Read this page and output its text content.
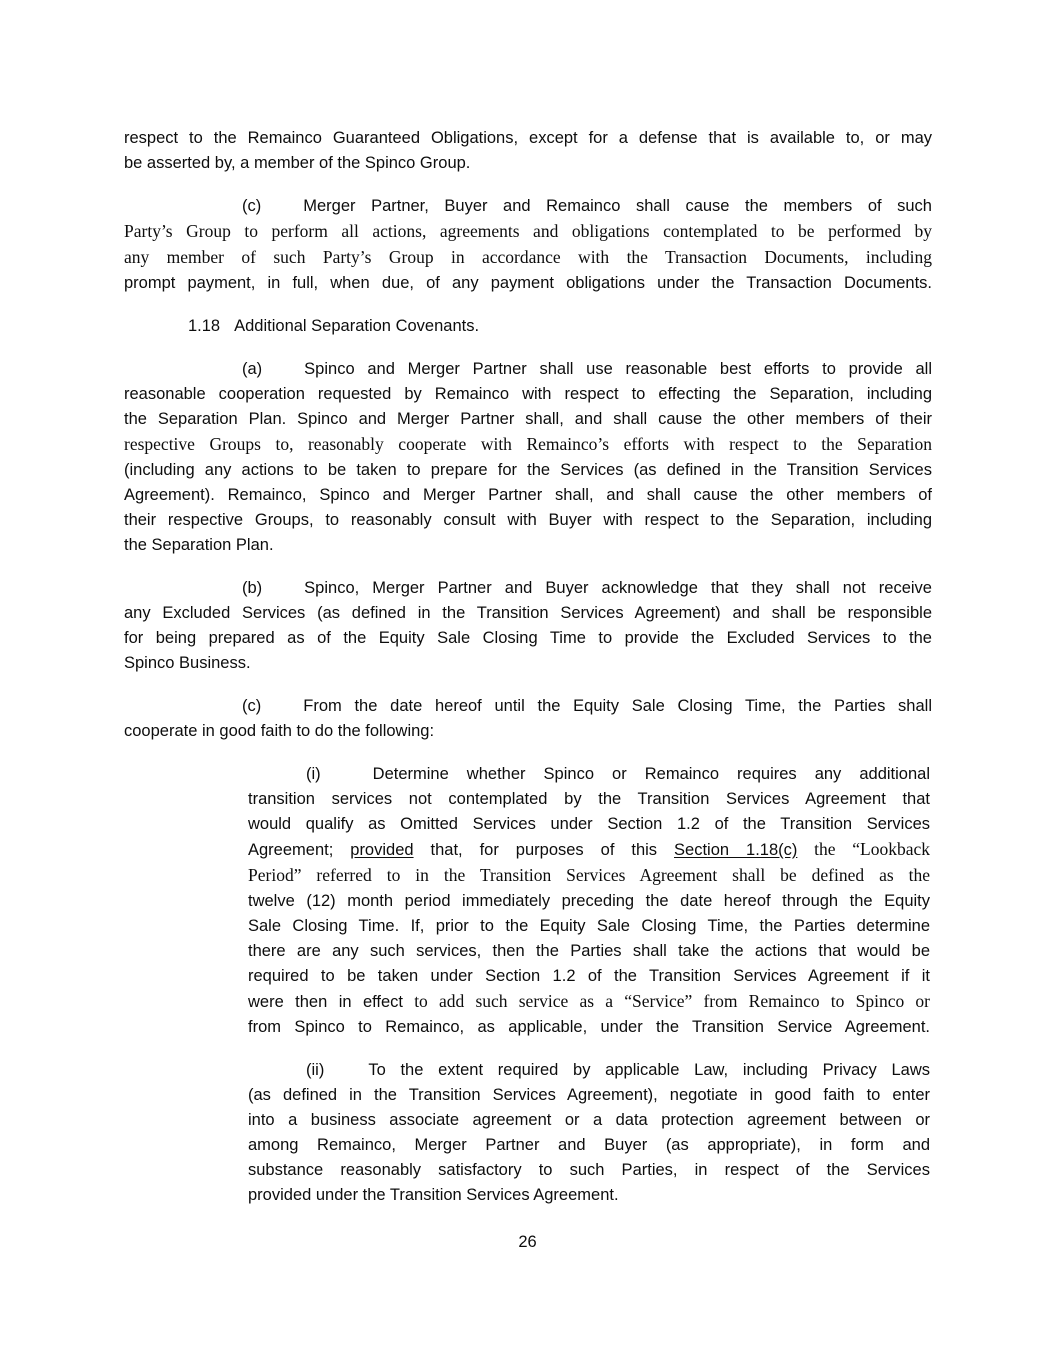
respect to the Remainco Guaranteed Obligations, except for a defense that is available to, or may
be asserted by, a member of the Spinco Group.
(c)	Merger Partner, Buyer and Remainco shall cause the members of such
Party’s Group to perform all actions, agreements and obligations contemplated to be performed by
any member of such Party’s Group in accordance with the Transaction Documents, including
prompt payment, in full, when due, of any payment obligations under the Transaction Documents.
1.18 Additional Separation Covenants.
(a)	Spinco and Merger Partner shall use reasonable best efforts to provide all
reasonable cooperation requested by Remainco with respect to effecting the Separation, including
the Separation Plan. Spinco and Merger Partner shall, and shall cause the other members of their
respective Groups to, reasonably cooperate with Remainco’s efforts with respect to the Separation
(including any actions to be taken to prepare for the Services (as defined in the Transition Services
Agreement). Remainco, Spinco and Merger Partner shall, and shall cause the other members of
their respective Groups, to reasonably consult with Buyer with respect to the Separation, including
the Separation Plan.
(b)	Spinco, Merger Partner and Buyer acknowledge that they shall not receive
any Excluded Services (as defined in the Transition Services Agreement) and shall be responsible
for being prepared as of the Equity Sale Closing Time to provide the Excluded Services to the
Spinco Business.
(c)	From the date hereof until the Equity Sale Closing Time, the Parties shall
cooperate in good faith to do the following:
(i)	Determine whether Spinco or Remainco requires any additional
transition services not contemplated by the Transition Services Agreement that
would qualify as Omitted Services under Section 1.2 of the Transition Services
Agreement; provided that, for purposes of this Section 1.18(c) the “Lookback
Period” referred to in the Transition Services Agreement shall be defined as the
twelve (12) month period immediately preceding the date hereof through the Equity
Sale Closing Time. If, prior to the Equity Sale Closing Time, the Parties determine
there are any such services, then the Parties shall take the actions that would be
required to be taken under Section 1.2 of the Transition Services Agreement if it
were then in effect to add such service as a “Service” from Remainco to Spinco or
from Spinco to Remainco, as applicable, under the Transition Service Agreement.
(ii)	To the extent required by applicable Law, including Privacy Laws
(as defined in the Transition Services Agreement), negotiate in good faith to enter
into a business associate agreement or a data protection agreement between or
among Remainco, Merger Partner and Buyer (as appropriate), in form and
substance reasonably satisfactory to such Parties, in respect of the Services
provided under the Transition Services Agreement.
26
